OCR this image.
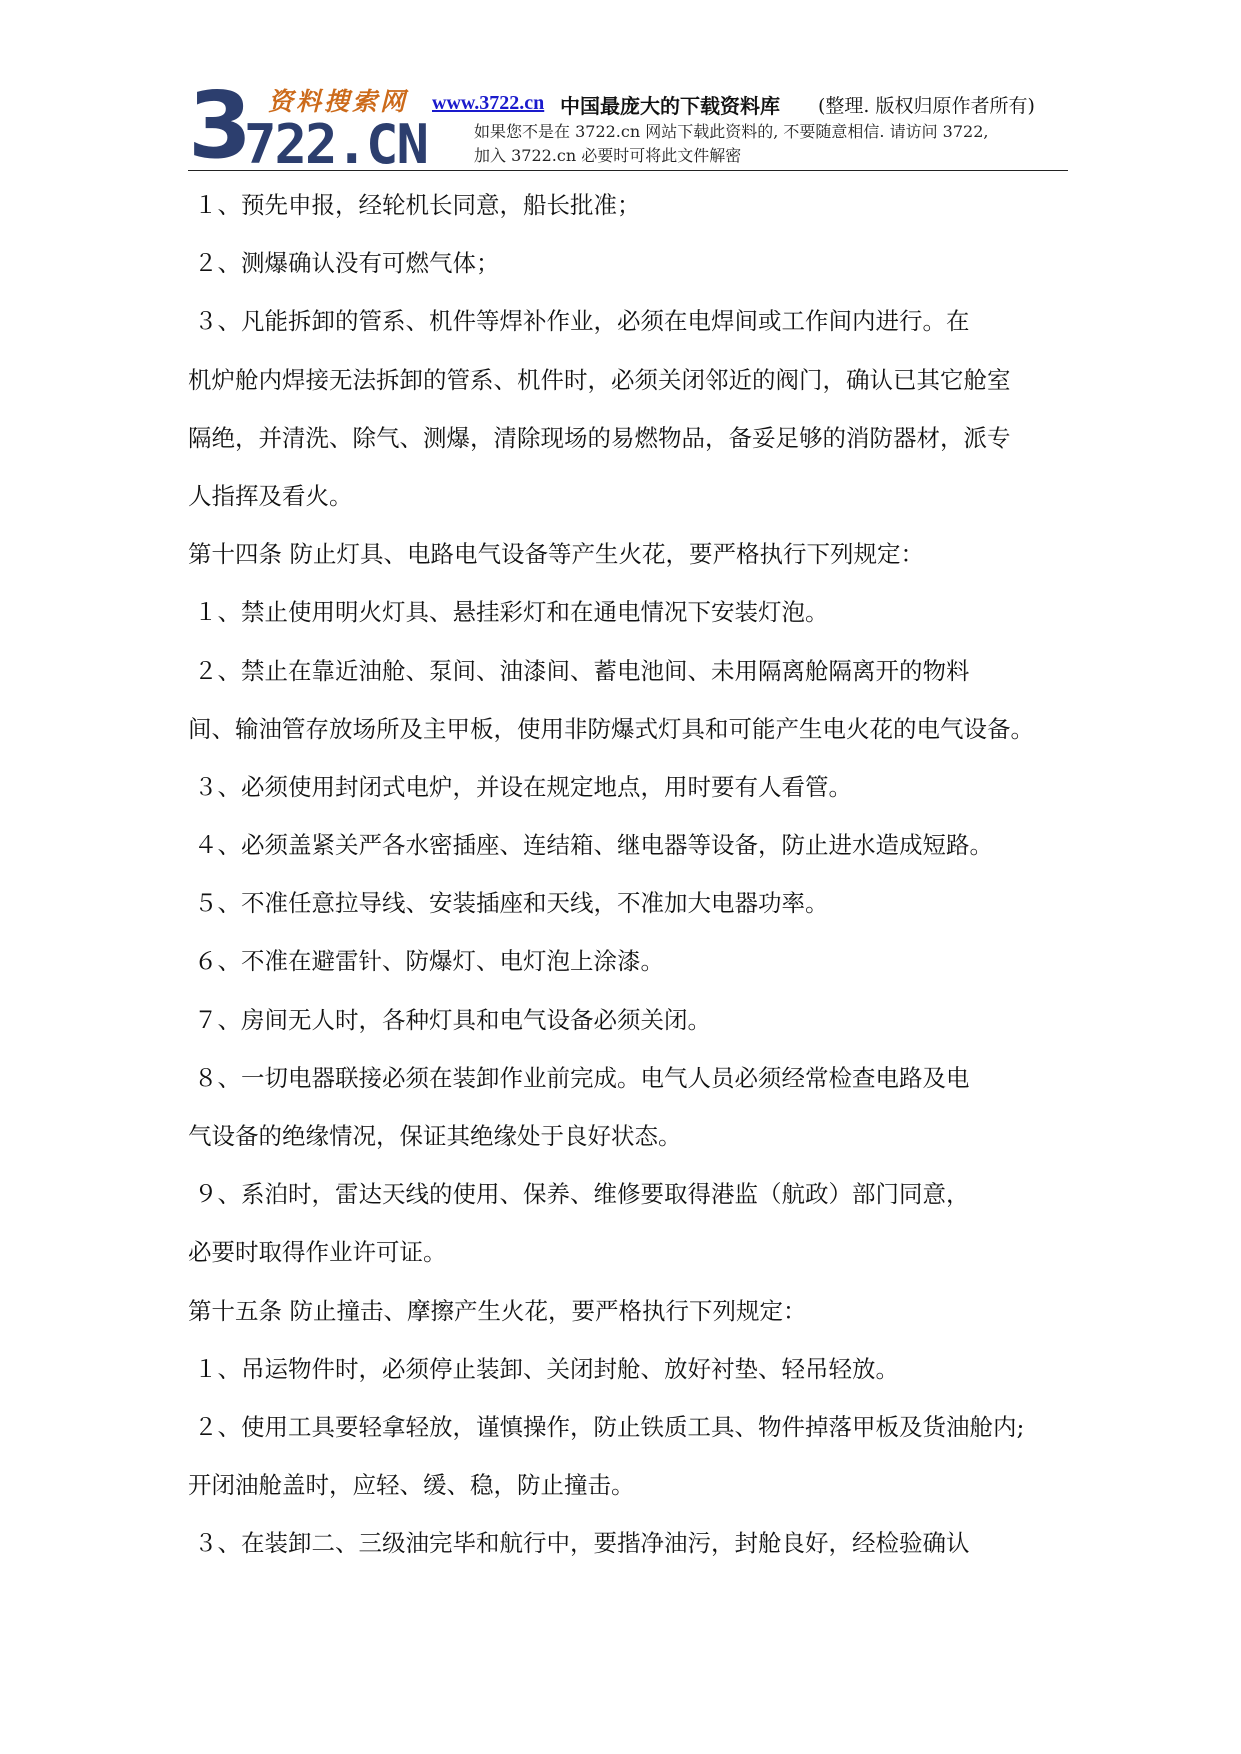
3 资料搜索网
722.CN
www.3722.cn 中国最庞大的下载资料库 (整理. 版权归原作者所有)
如果您不是在 3722.cn 网站下载此资料的, 不要随意相信. 请访问 3722,
加入 3722.cn 必要时可将此文件解密
１、预先申报，经轮机长同意，船长批准；
２、测爆确认没有可燃气体；
３、凡能拆卸的管系、机件等焊补作业，必须在电焊间或工作间内进行。在
机炉舱内焊接无法拆卸的管系、机件时，必须关闭邻近的阀门，确认已其它舱室
隔绝，并清洗、除气、测爆，清除现场的易燃物品，备妥足够的消防器材，派专
人指挥及看火。
第十四条 防止灯具、电路电气设备等产生火花，要严格执行下列规定：
１、禁止使用明火灯具、悬挂彩灯和在通电情况下安装灯泡。
２、禁止在靠近油舱、泵间、油漆间、蓄电池间、未用隔离舱隔离开的物料
间、输油管存放场所及主甲板，使用非防爆式灯具和可能产生电火花的电气设备。
３、必须使用封闭式电炉，并设在规定地点，用时要有人看管。
４、必须盖紧关严各水密插座、连结箱、继电器等设备，防止进水造成短路。
５、不准任意拉导线、安装插座和天线，不准加大电器功率。
６、不准在避雷针、防爆灯、电灯泡上涂漆。
７、房间无人时，各种灯具和电气设备必须关闭。
８、一切电器联接必须在装卸作业前完成。电气人员必须经常检查电路及电
气设备的绝缘情况，保证其绝缘处于良好状态。
９、系泊时，雷达天线的使用、保养、维修要取得港监（航政）部门同意，
必要时取得作业许可证。
第十五条 防止撞击、摩擦产生火花，要严格执行下列规定：
１、吊运物件时，必须停止装卸、关闭封舱、放好衬垫、轻吊轻放。
２、使用工具要轻拿轻放，谨慎操作，防止铁质工具、物件掉落甲板及货油舱内;
开闭油舱盖时，应轻、缓、稳，防止撞击。
３、在装卸二、三级油完毕和航行中，要揩净油污，封舱良好，经检验确认
